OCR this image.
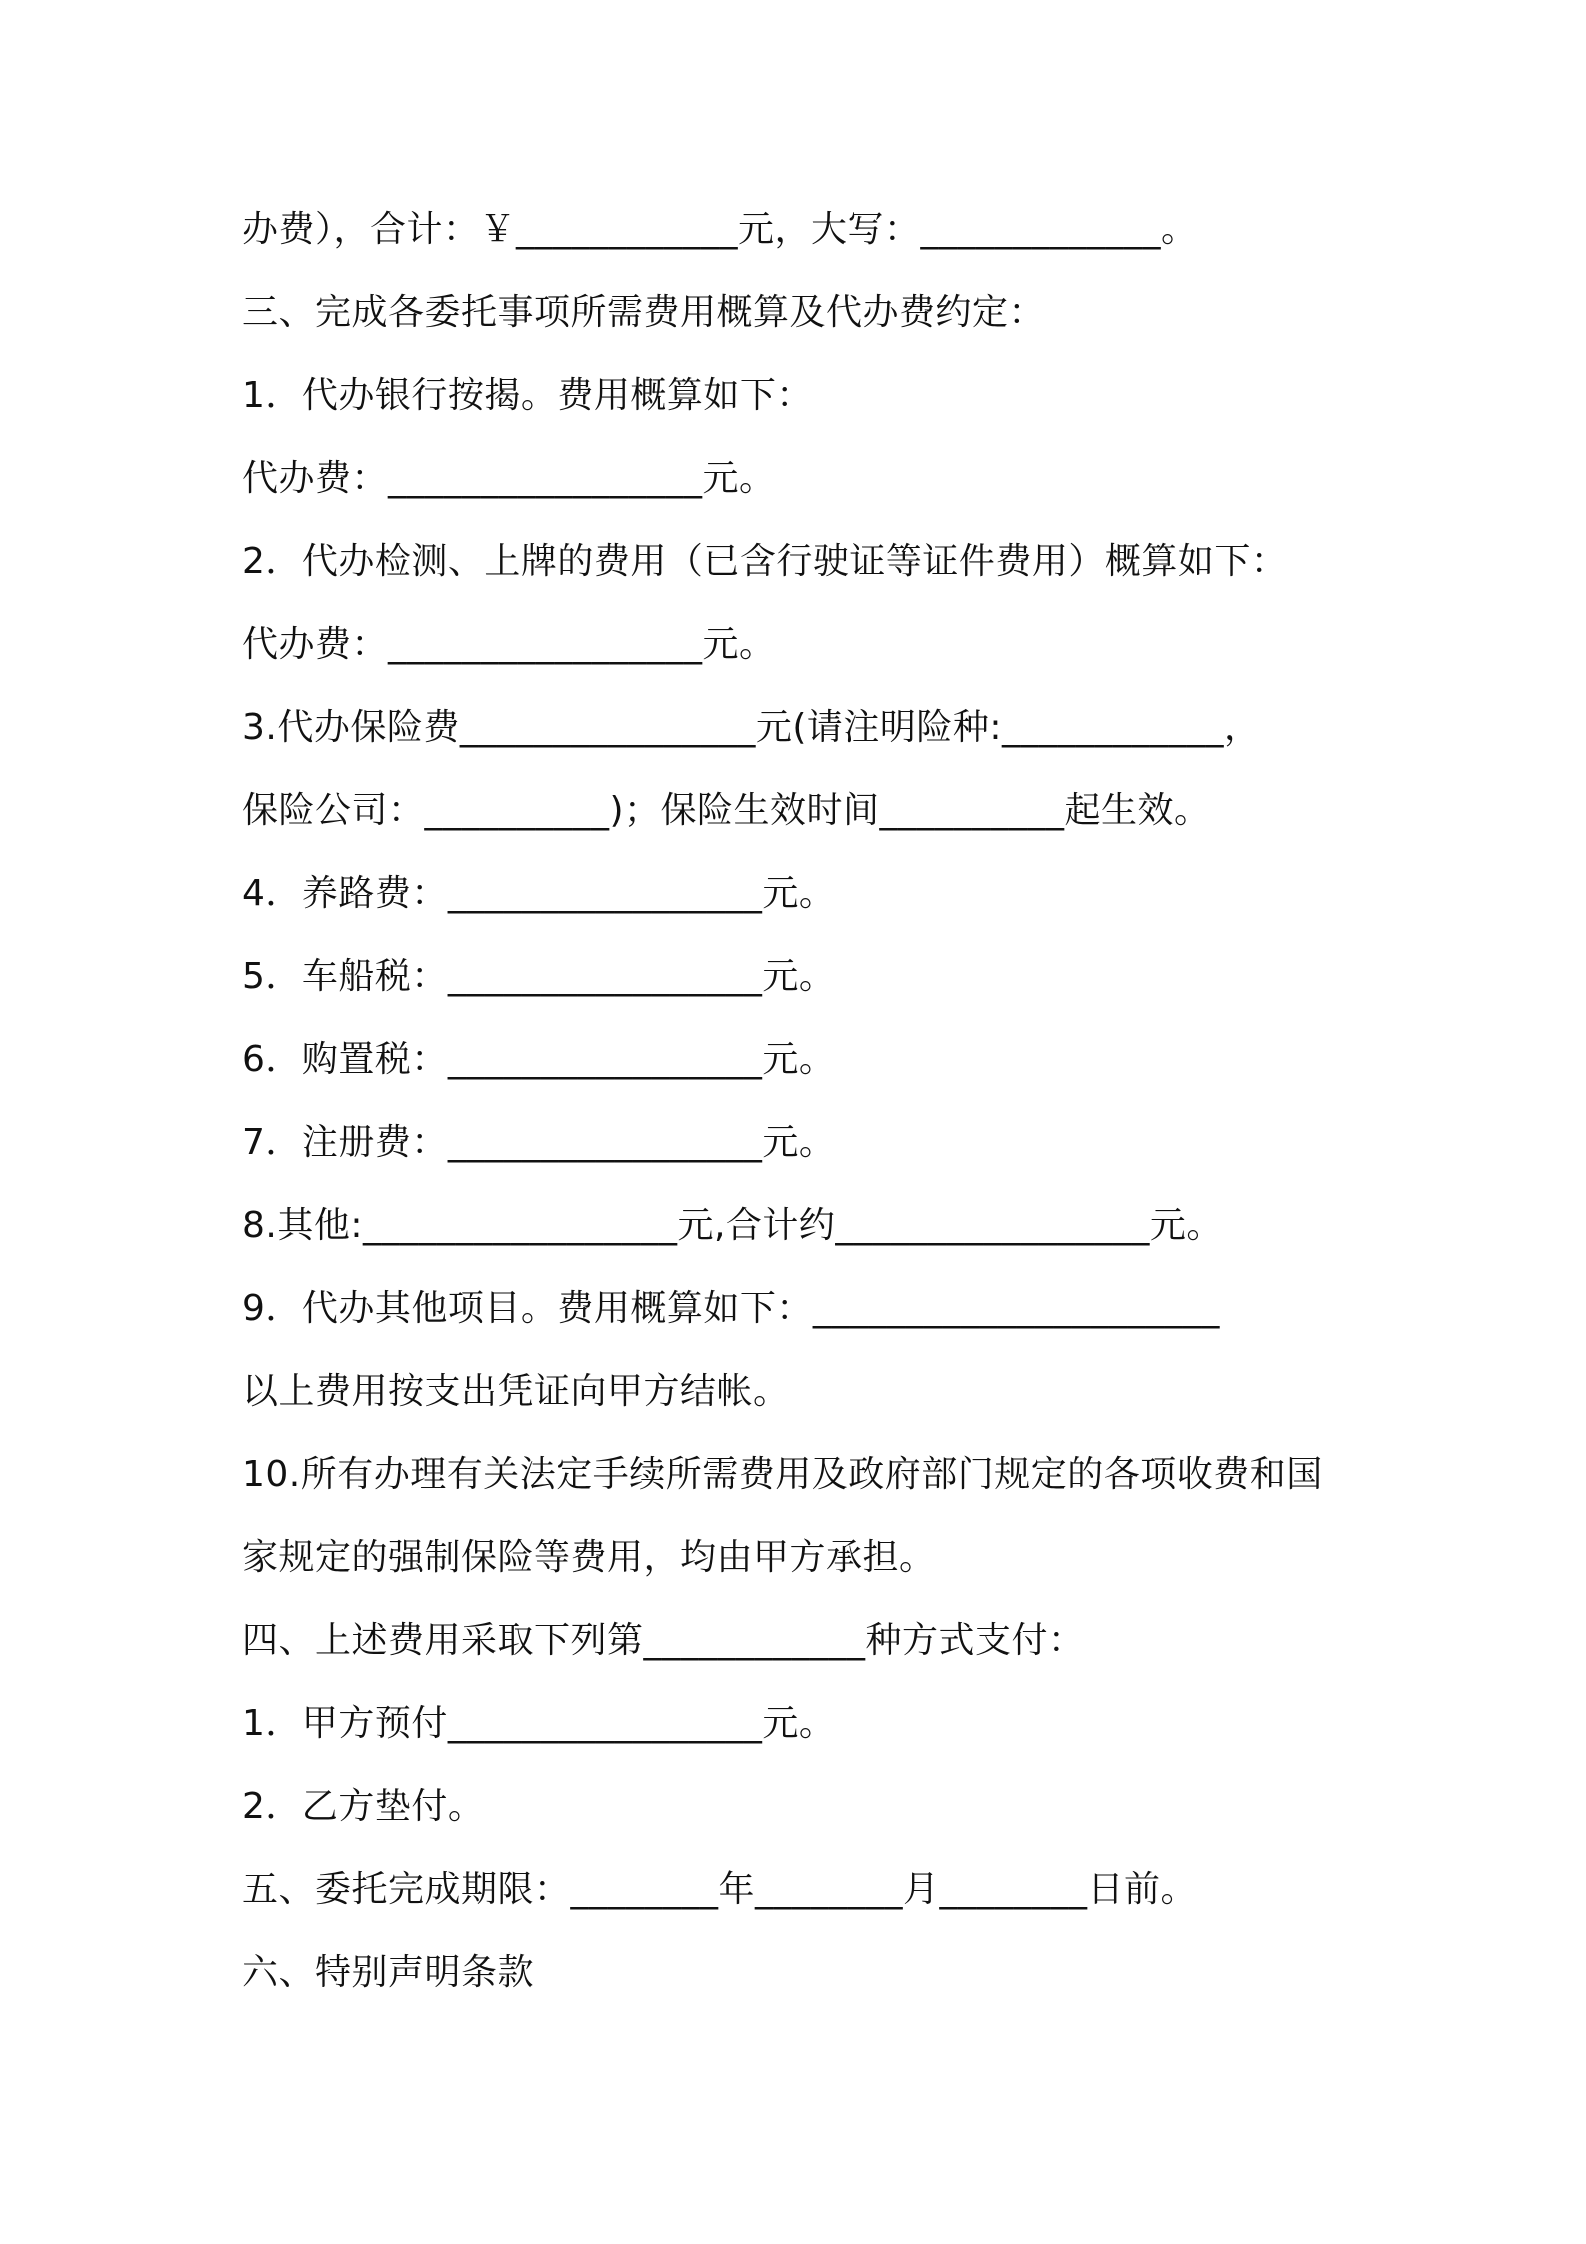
办费），合计：￥____________元，大写：_____________。
三、完成各委托事项所需费用概算及代办费约定：
1．代办银行按揭。费用概算如下：
代办费：_________________元。
2．代办检测、上牌的费用（已含行驶证等证件费用）概算如下：
代办费：_________________元。
3.代办保险费________________元(请注明险种:____________，
保险公司：__________)；保险生效时间__________起生效。
4．养路费：_________________元。
5．车船税：_________________元。
6．购置税：_________________元。
7．注册费：_________________元。
8.其他:_________________元,合计约_________________元。
9．代办其他项目。费用概算如下：______________________
以上费用按支出凭证向甲方结帐。
10.所有办理有关法定手续所需费用及政府部门规定的各项收费和国
家规定的强制保险等费用，均由甲方承担。
四、上述费用采取下列第____________种方式支付：
1．甲方预付_________________元。
2．乙方垫付。
五、委托完成期限：________年________月________日前。
六、特别声明条款
